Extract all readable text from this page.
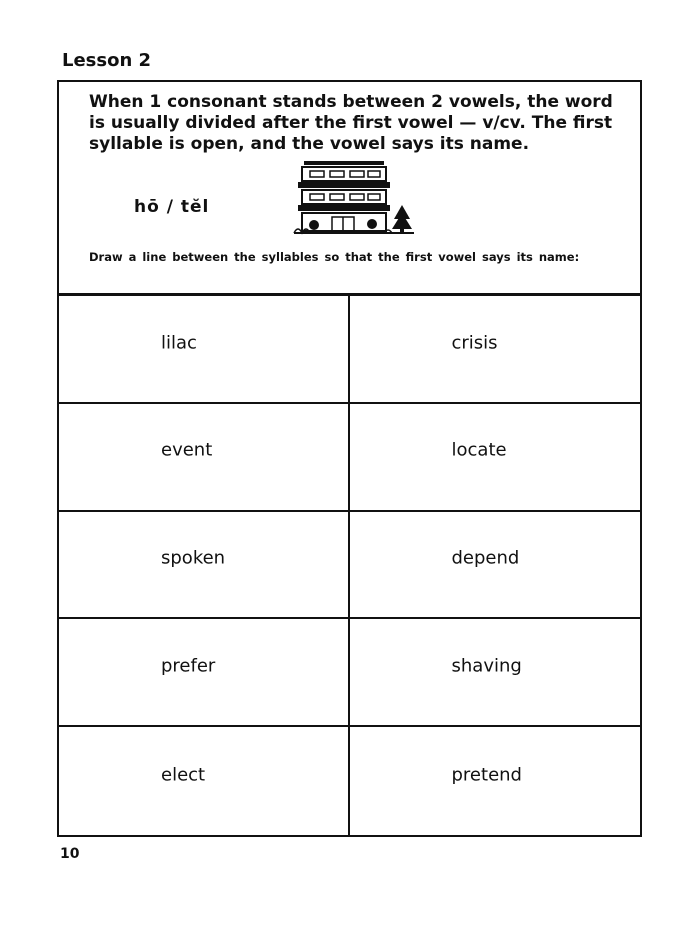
Lesson 2
When 1 consonant stands between 2 vowels, the word is usually divided after the first vowel — v/cv. The first syllable is open, and the vowel says its name.
hō / tĕl
Draw a line between the syllables so that the first vowel says its name:
lilac	crisis
event	locate
spoken	depend
prefer	shaving
elect	pretend
10
